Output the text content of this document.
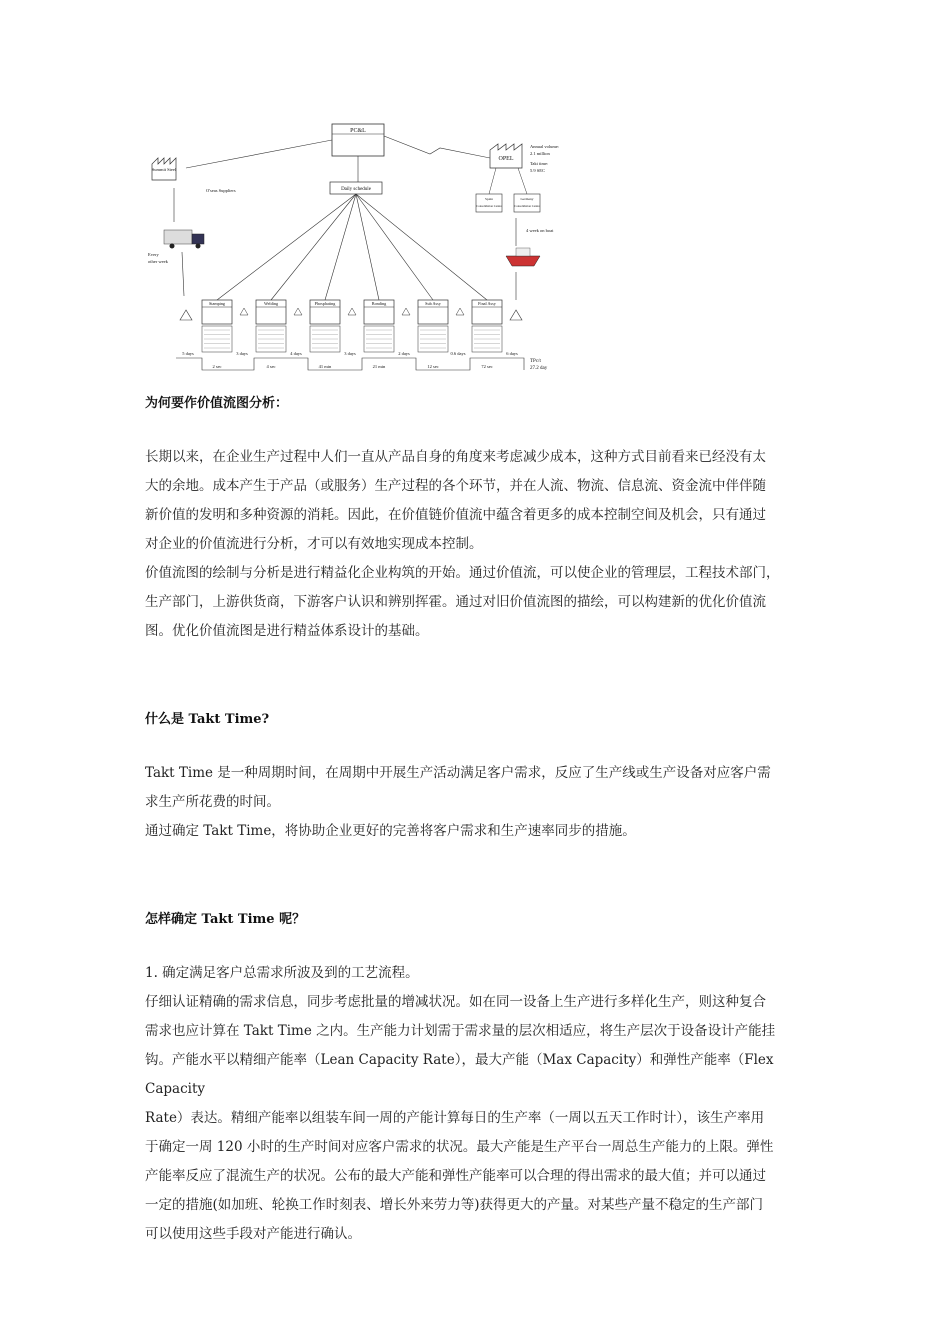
PC&L
Summit Steel
O'seas Suppliers
OPEL
Annual volume:
2.1 million
Takt time:
5.9 SEC
Daily schedule
Spain
Consolidation Centre
Germany
Consolidation Centre
Every
other week
4 week on boat
Stamping
2 sec
Welding
4 sec
Phosphating
41 min
Bonding
21 min
Sub Assy
12 sec
Final Assy
72 sec
5 days	3 days	4 days	3 days	2 days	0.6 days	6 days
TPc/t
27.2 day
为何要作价值流图分析：

长期以来，在企业生产过程中人们一直从产品自身的角度来考虑减少成本，这种方式目前看来已经没有太

大的余地。成本产生于产品（或服务）生产过程的各个环节，并在人流、物流、信息流、资金流中伴伴随

新价值的发明和多种资源的消耗。因此，在价值链价值流中蕴含着更多的成本控制空间及机会，只有通过

对企业的价值流进行分析，才可以有效地实现成本控制。

价值流图的绘制与分析是进行精益化企业构筑的开始。通过价值流，可以使企业的管理层，工程技术部门，

生产部门，上游供货商，下游客户认识和辨别挥霍。通过对旧价值流图的描绘，可以构建新的优化价值流

图。优化价值流图是进行精益体系设计的基础。

什么是 Takt Time?

Takt Time 是一种周期时间，在周期中开展生产活动满足客户需求，反应了生产线或生产设备对应客户需

求生产所花费的时间。

通过确定 Takt Time，将协助企业更好的完善将客户需求和生产速率同步的措施。

怎样确定 Takt Time 呢？

1. 确定满足客户总需求所波及到的工艺流程。

仔细认证精确的需求信息，同步考虑批量的增减状况。如在同一设备上生产进行多样化生产，则这种复合

需求也应计算在 Takt Time 之内。生产能力计划需于需求量的层次相适应，将生产层次于设备设计产能挂

钩。产能水平以精细产能率（Lean Capacity Rate），最大产能（Max Capacity）和弹性产能率（Flex Capacity

Rate）表达。精细产能率以组装车间一周的产能计算每日的生产率（一周以五天工作时计），该生产率用

于确定一周 120 小时的生产时间对应客户需求的状况。最大产能是生产平台一周总生产能力的上限。弹性

产能率反应了混流生产的状况。公布的最大产能和弹性产能率可以合理的得出需求的最大值；并可以通过

一定的措施(如加班、轮换工作时刻表、增长外来劳力等)获得更大的产量。对某些产量不稳定的生产部门

可以使用这些手段对产能进行确认。
